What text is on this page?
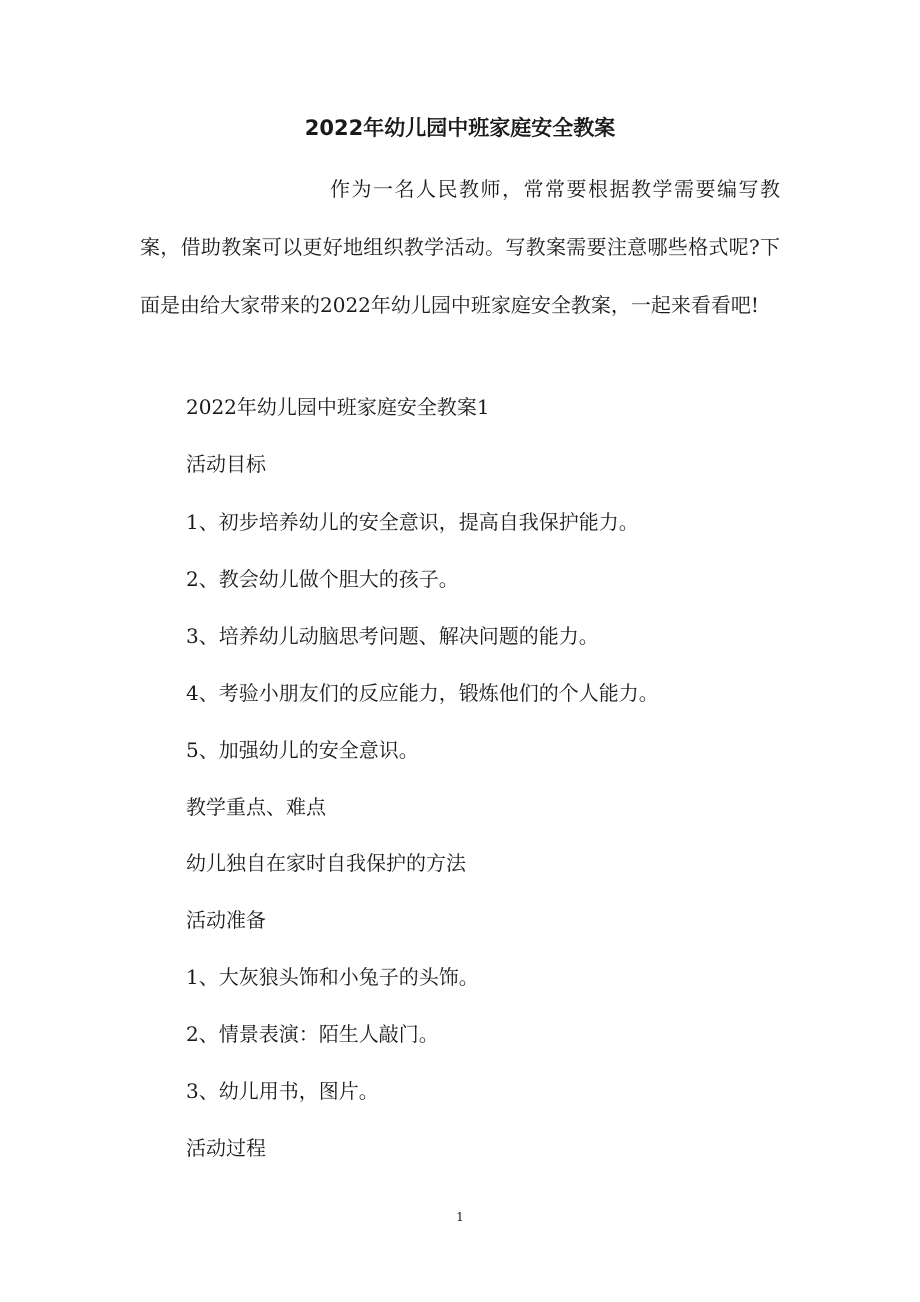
2022年幼儿园中班家庭安全教案

作为一名人民教师，常常要根据教学需要编写教案，借助教案可以更好地组织教学活动。写教案需要注意哪些格式呢?下面是由给大家带来的2022年幼儿园中班家庭安全教案，一起来看看吧!

2022年幼儿园中班家庭安全教案1

活动目标

1、初步培养幼儿的安全意识，提高自我保护能力。

2、教会幼儿做个胆大的孩子。

3、培养幼儿动脑思考问题、解决问题的能力。

4、考验小朋友们的反应能力，锻炼他们的个人能力。

5、加强幼儿的安全意识。

教学重点、难点

幼儿独自在家时自我保护的方法

活动准备

1、大灰狼头饰和小兔子的头饰。

2、情景表演：陌生人敲门。

3、幼儿用书，图片。

活动过程

1
